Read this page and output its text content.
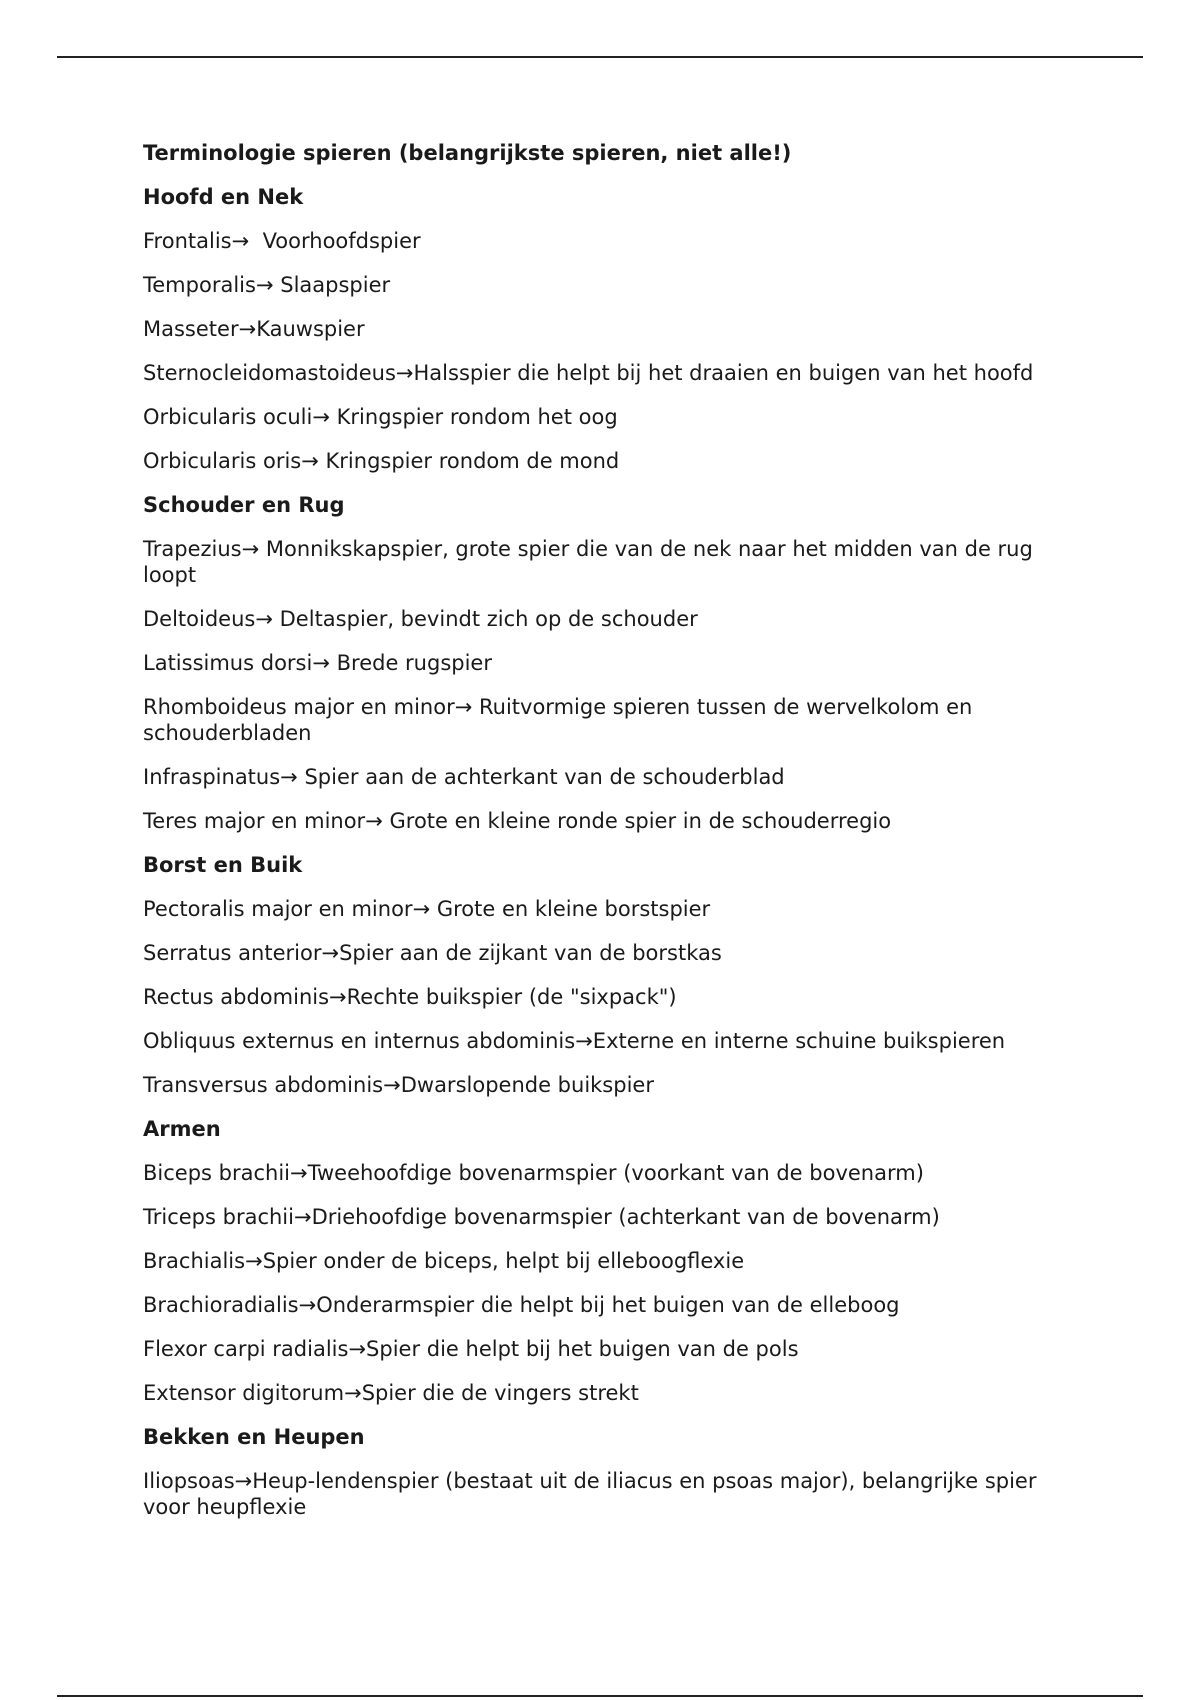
Terminologie spieren (belangrijkste spieren, niet alle!)
Hoofd en Nek
Frontalis→ Voorhoofdspier
Temporalis→ Slaapspier
Masseter→Kauwspier
Sternocleidomastoideus→Halsspier die helpt bij het draaien en buigen van het hoofd
Orbicularis oculi→ Kringspier rondom het oog
Orbicularis oris→ Kringspier rondom de mond
Schouder en Rug
Trapezius→ Monnikskapspier, grote spier die van de nek naar het midden van de rug loopt
Deltoideus→ Deltaspier, bevindt zich op de schouder
Latissimus dorsi→ Brede rugspier
Rhomboideus major en minor→ Ruitvormige spieren tussen de wervelkolom en schouderbladen
Infraspinatus→ Spier aan de achterkant van de schouderblad
Teres major en minor→ Grote en kleine ronde spier in de schouderregio
Borst en Buik
Pectoralis major en minor→ Grote en kleine borstspier
Serratus anterior→Spier aan de zijkant van de borstkas
Rectus abdominis→Rechte buikspier (de "sixpack")
Obliquus externus en internus abdominis→Externe en interne schuine buikspieren
Transversus abdominis→Dwarslopende buikspier
Armen
Biceps brachii→Tweehoofdige bovenarmspier (voorkant van de bovenarm)
Triceps brachii→Driehoofdige bovenarmspier (achterkant van de bovenarm)
Brachialis→Spier onder de biceps, helpt bij elleboogflexie
Brachioradialis→Onderarmspier die helpt bij het buigen van de elleboog
Flexor carpi radialis→Spier die helpt bij het buigen van de pols
Extensor digitorum→Spier die de vingers strekt
Bekken en Heupen
Iliopsoas→Heup-lendenspier (bestaat uit de iliacus en psoas major), belangrijke spier voor heupflexie
